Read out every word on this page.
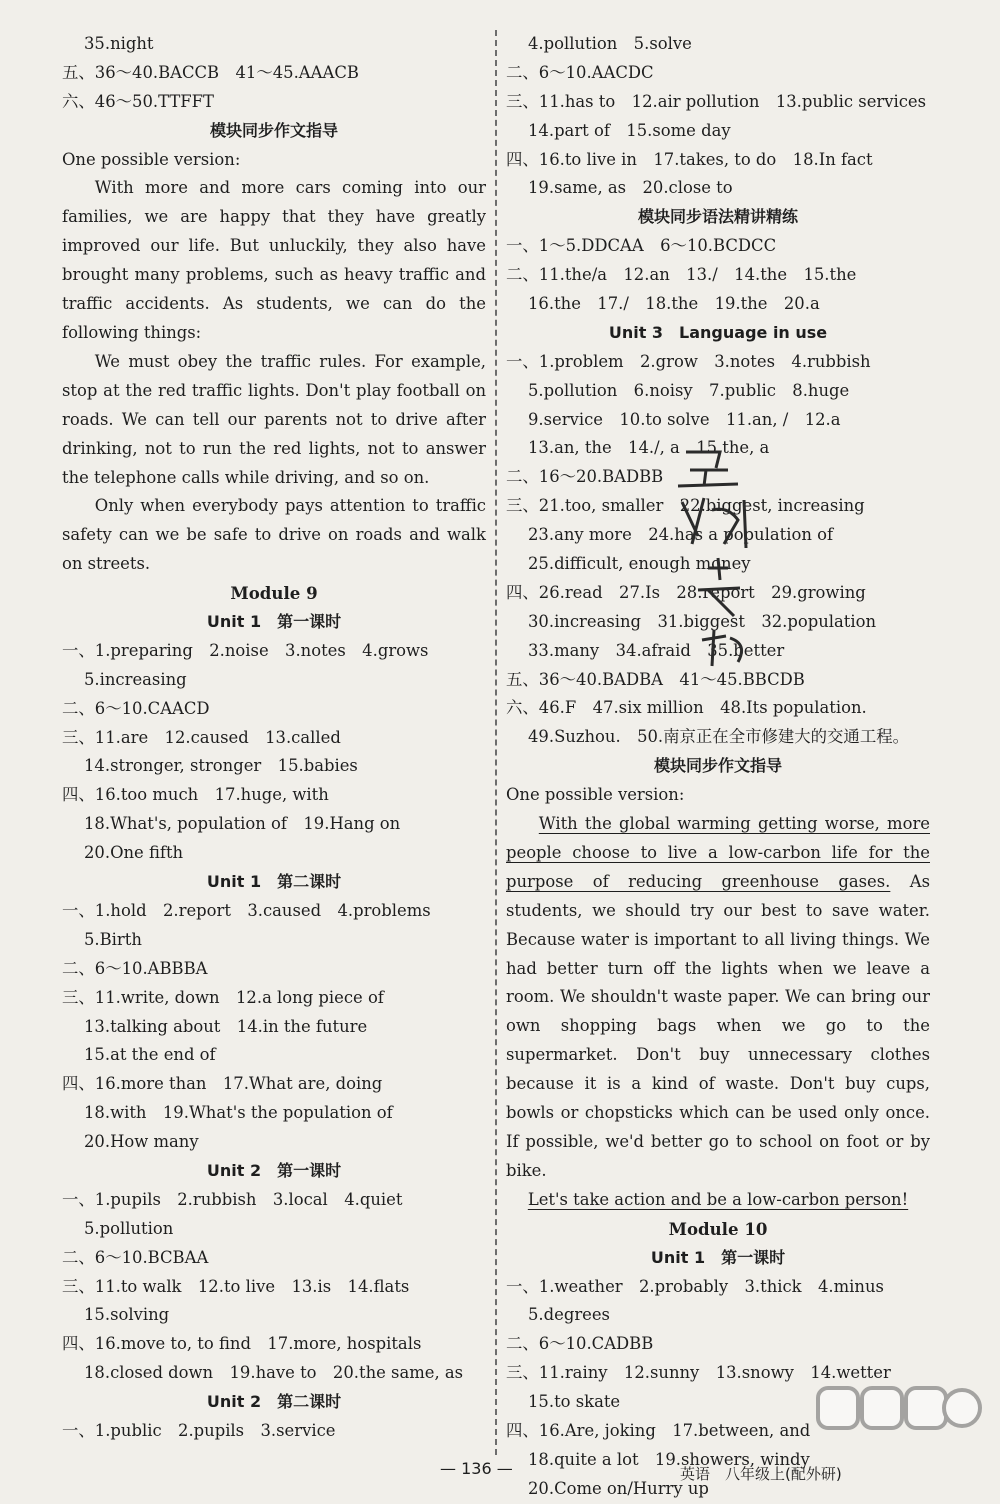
35.night
五、36～40.BACCB　41～45.AAACB
六、46～50.TTFFT
模块同步作文指导
One possible version:

With more and more cars coming into our families, we are happy that they have greatly improved our life. But unluckily, they also have brought many problems, such as heavy traffic and traffic accidents. As students, we can do the following things:

We must obey the traffic rules. For example, stop at the red traffic lights. Don't play football on roads. We can tell our parents not to drive after drinking, not to run the red lights, not to answer the telephone calls while driving, and so on.

Only when everybody pays attention to traffic safety can we be safe to drive on roads and walk on streets.

Module 9
Unit 1　第一课时
一、1.preparing　2.noise　3.notes　4.grows
5.increasing
二、6～10.CAACD
三、11.are　12.caused　13.called
14.stronger, stronger　15.babies
四、16.too much　17.huge, with
18.What's, population of　19.Hang on
20.One fifth
Unit 1　第二课时
一、1.hold　2.report　3.caused　4.problems
5.Birth
二、6～10.ABBBA
三、11.write, down　12.a long piece of
13.talking about　14.in the future
15.at the end of
四、16.more than　17.What are, doing
18.with　19.What's the population of
20.How many
Unit 2　第一课时
一、1.pupils　2.rubbish　3.local　4.quiet
5.pollution
二、6～10.BCBAA
三、11.to walk　12.to live　13.is　14.flats
15.solving
四、16.move to, to find　17.more, hospitals
18.closed down　19.have to　20.the same, as
Unit 2　第二课时
一、1.public　2.pupils　3.service
4.pollution　5.solve
二、6～10.AACDC
三、11.has to　12.air pollution　13.public services
14.part of　15.some day
四、16.to live in　17.takes, to do　18.In fact
19.same, as　20.close to
模块同步语法精讲精练
一、1～5.DDCAA　6～10.BCDCC
二、11.the/a　12.an　13./　14.the　15.the
16.the　17./　18.the　19.the　20.a
Unit 3　Language in use
一、1.problem　2.grow　3.notes　4.rubbish
5.pollution　6.noisy　7.public　8.huge
9.service　10.to solve　11.an, /　12.a
13.an, the　14./, a　15.the, a
二、16～20.BADBB
三、21.too, smaller　22.biggest, increasing
23.any more　24.has a population of
25.difficult, enough money
四、26.read　27.Is　28.report　29.growing
30.increasing　31.biggest　32.population
33.many　34.afraid　35.better
五、36～40.BADBA　41～45.BBCDB
六、46.F　47.six million　48.Its population.
49.Suzhou.　50.南京正在全市修建大的交通工程。
模块同步作文指导
One possible version:

With the global warming getting worse, more people choose to live a low-carbon life for the purpose of reducing greenhouse gases. As students, we should try our best to save water. Because water is important to all living things. We had better turn off the lights when we leave a room. We shouldn't waste paper. We can bring our own shopping bags when we go to the supermarket. Don't buy unnecessary clothes because it is a kind of waste. Don't buy cups, bowls or chopsticks which can be used only once. If possible, we'd better go to school on foot or by bike.

Let's take action and be a low-carbon person!
Module 10
Unit 1　第一课时
一、1.weather　2.probably　3.thick　4.minus
5.degrees
二、6～10.CADBB
三、11.rainy　12.sunny　13.snowy　14.wetter
15.to skate
四、16.Are, joking　17.between, and
18.quite a lot　19.showers, windy
20.Come on/Hurry up
— 136 —	英语　八年级上(配外研)
